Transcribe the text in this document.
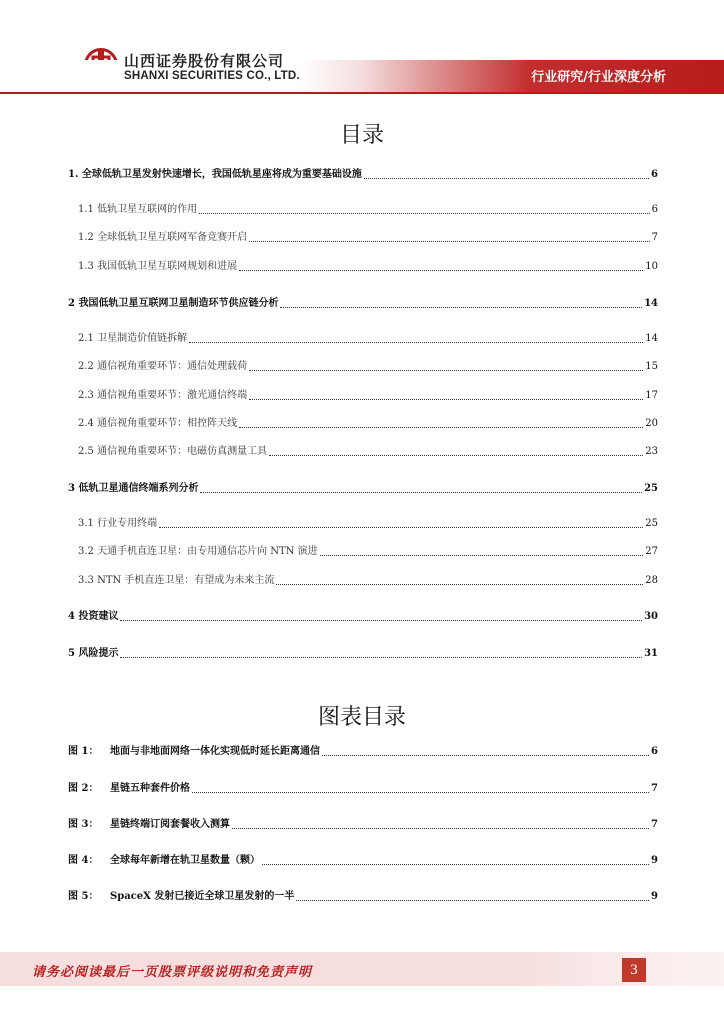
山西证券股份有限公司
SHANXI SECURITIES CO., LTD.	行业研究/行业深度分析
目录
1. 全球低轨卫星发射快速增长，我国低轨星座将成为重要基础设施	6
1.1 低轨卫星互联网的作用	6
1.2 全球低轨卫星互联网军备竞赛开启	7
1.3 我国低轨卫星互联网规划和进展	10
2 我国低轨卫星互联网卫星制造环节供应链分析	14
2.1 卫星制造价值链拆解	14
2.2 通信视角重要环节：通信处理载荷	15
2.3 通信视角重要环节：激光通信终端	17
2.4 通信视角重要环节：相控阵天线	20
2.5 通信视角重要环节：电磁仿真测量工具	23
3 低轨卫星通信终端系列分析	25
3.1 行业专用终端	25
3.2 天通手机直连卫星：由专用通信芯片向 NTN 演进	27
3.3 NTN 手机直连卫星：有望成为未来主流	28
4 投资建议	30
5 风险提示	31
图表目录
图 1：	地面与非地面网络一体化实现低时延长距离通信	6
图 2：	星链五种套件价格	7
图 3：	星链终端订阅套餐收入测算	7
图 4：	全球每年新增在轨卫星数量（颗）	9
图 5：	SpaceX 发射已接近全球卫星发射的一半	9
请务必阅读最后一页股票评级说明和免责声明	3
